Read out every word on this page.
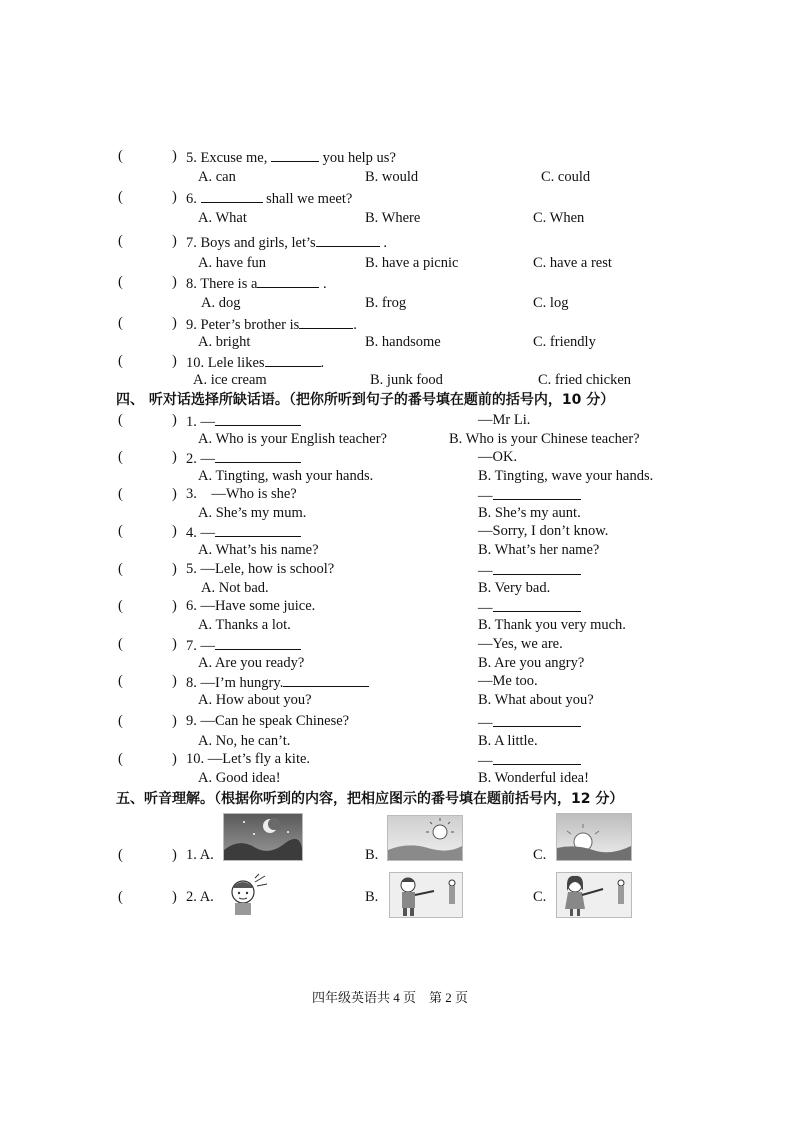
(	) 5. Excuse me,	you help us?
A. can	B. would	C. could
(	) 6.	shall we meet?
A. What	B. Where	C. When
(	) 7. Boys and girls, let’s	.
A. have fun	B. have a picnic	C. have a rest
(	) 8. There is a	.
A. dog	B. frog	C. log
(	) 9. Peter’s brother is	.
A. bright	B. handsome	C. friendly
(	) 10. Lele likes	.
A. ice cream	B. junk food	C. fried chicken
四、 听对话选择所缺话语。（把你所听到句子的番号填在题前的括号内，10 分）
(	) 1. —	—Mr Li.
A. Who is your English teacher?	B. Who is your Chinese teacher?
(	) 2. —	—OK.
A. Tingting, wash your hands.	B. Tingting, wave your hands.
(	) 3. —Who is she?	—
A. She’s my mum.	B. She’s my aunt.
(	) 4. —	—Sorry, I don’t know.
A. What’s his name?	B. What’s her name?
(	) 5. —Lele, how is school?	—
A. Not bad.	B. Very bad.
(	) 6. —Have some juice.	—
A. Thanks a lot.	B. Thank you very much.
(	) 7. —	—Yes, we are.
A. Are you ready?	B. Are you angry?
(	) 8. —I’m hungry.	—Me too.
A. How about you?	B. What about you?
(	) 9. —Can he speak Chinese?	—
A. No, he can’t.	B. A little.
(	) 10. —Let’s fly a kite.	—
A. Good idea!	B. Wonderful idea!
五、听音理解。（根据你听到的内容，把相应图示的番号填在题前括号内，12 分）
(	) 1. A.	B.	C.
(	) 2. A.	B.	C.
四年级英语共 4 页　第 2 页
